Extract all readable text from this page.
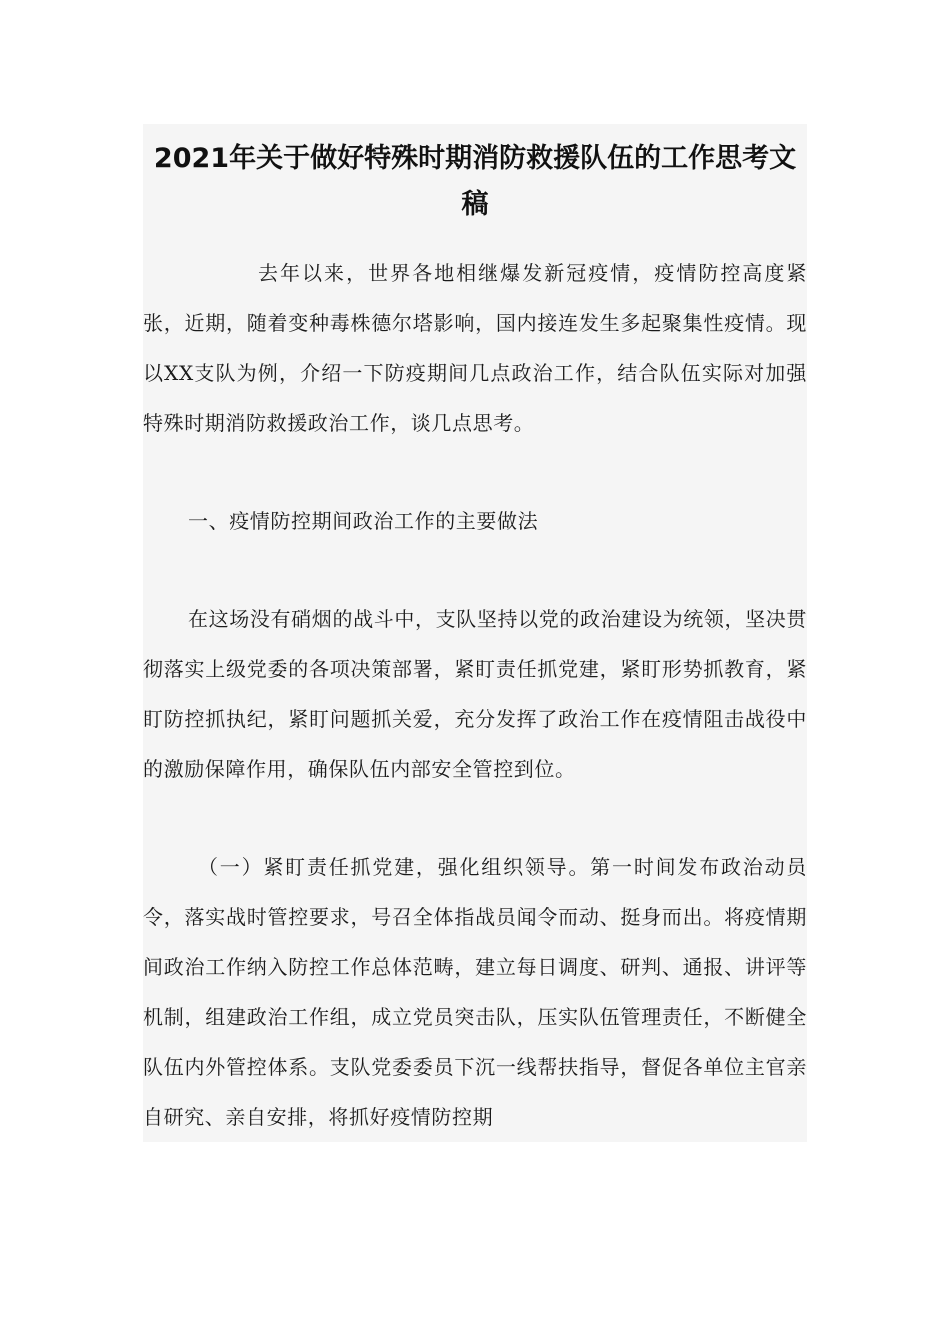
2021年关于做好特殊时期消防救援队伍的工作思考文稿

去年以来，世界各地相继爆发新冠疫情，疫情防控高度紧张，近期，随着变种毒株德尔塔影响，国内接连发生多起聚集性疫情。现以XX支队为例，介绍一下防疫期间几点政治工作，结合队伍实际对加强特殊时期消防救援政治工作，谈几点思考。

一、疫情防控期间政治工作的主要做法

在这场没有硝烟的战斗中，支队坚持以党的政治建设为统领，坚决贯彻落实上级党委的各项决策部署，紧盯责任抓党建，紧盯形势抓教育，紧盯防控抓执纪，紧盯问题抓关爱，充分发挥了政治工作在疫情阻击战役中的激励保障作用，确保队伍内部安全管控到位。

（一）紧盯责任抓党建，强化组织领导。第一时间发布政治动员令，落实战时管控要求，号召全体指战员闻令而动、挺身而出。将疫情期间政治工作纳入防控工作总体范畴，建立每日调度、研判、通报、讲评等机制，组建政治工作组，成立党员突击队，压实队伍管理责任，不断健全队伍内外管控体系。支队党委委员下沉一线帮扶指导，督促各单位主官亲自研究、亲自安排，将抓好疫情防控期
